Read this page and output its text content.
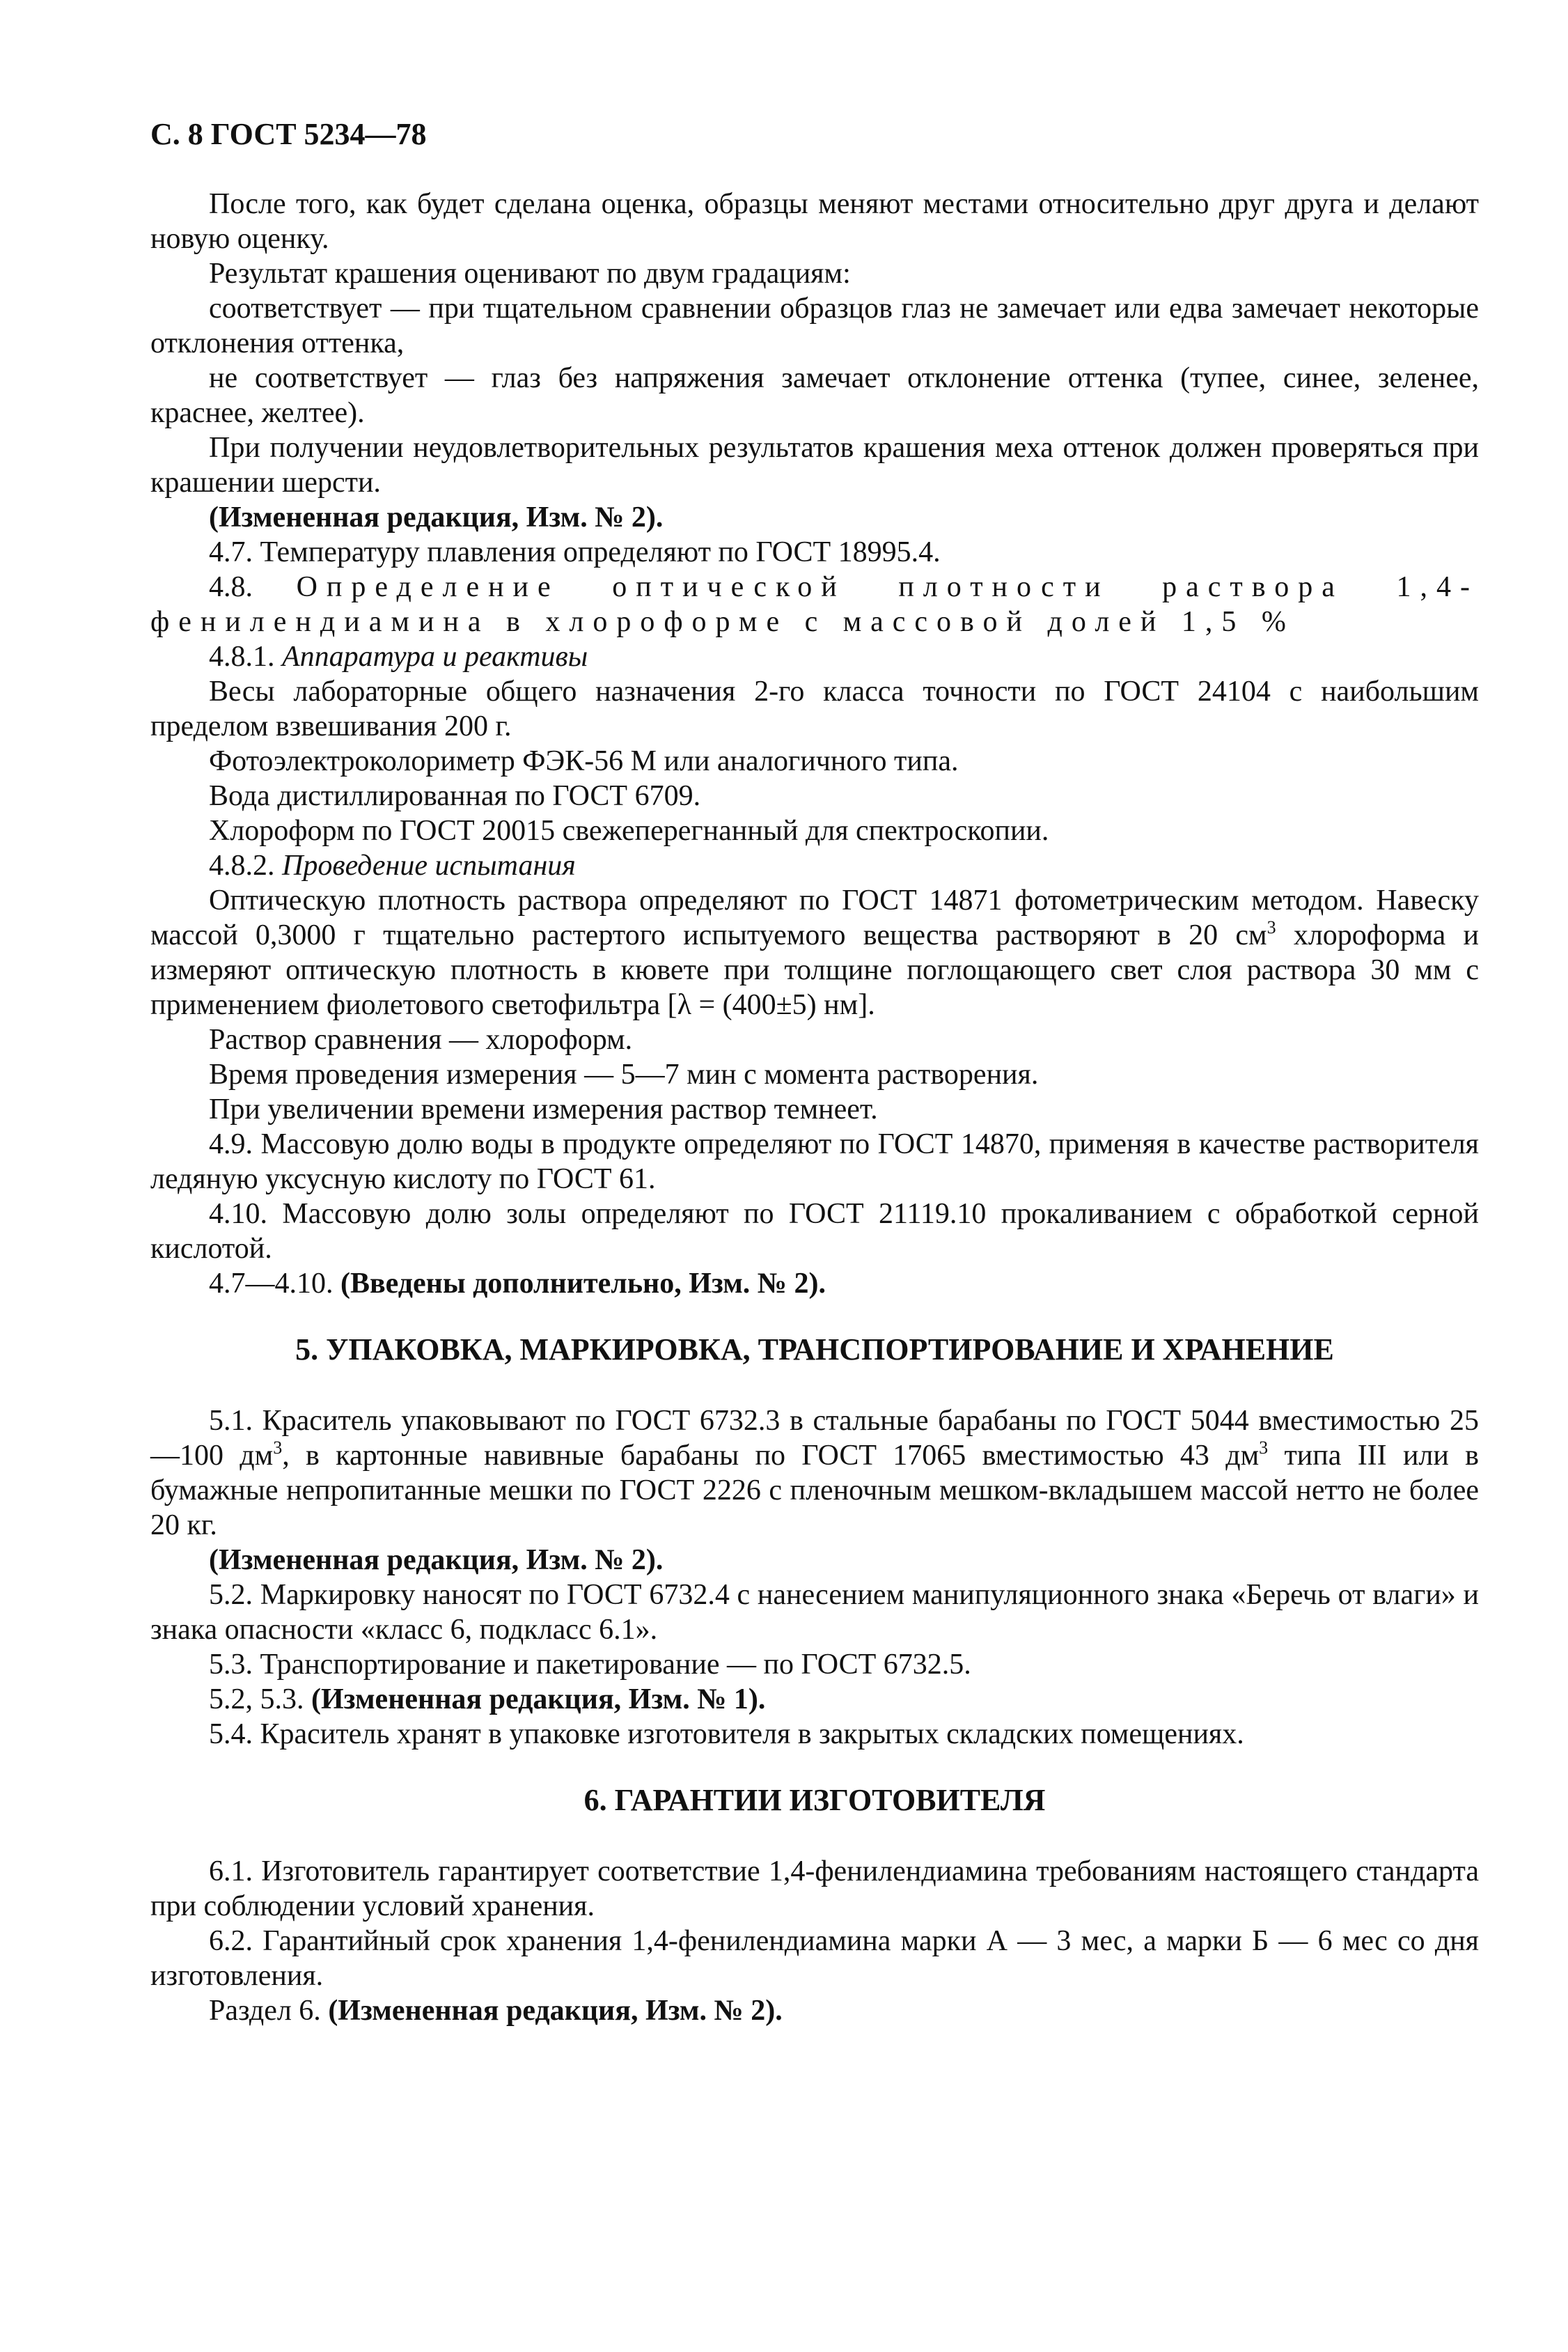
С. 8 ГОСТ 5234—78

После того, как будет сделана оценка, образцы меняют местами относительно друг друга и делают новую оценку.

Результат крашения оценивают по двум градациям:

соответствует — при тщательном сравнении образцов глаз не замечает или едва замечает некоторые отклонения оттенка,

не соответствует — глаз без напряжения замечает отклонение оттенка (тупее, синее, зеленее, краснее, желтее).

При получении неудовлетворительных результатов крашения меха оттенок должен проверяться при крашении шерсти.

(Измененная редакция, Изм. № 2).

4.7. Температуру плавления определяют по ГОСТ 18995.4.

4.8. Определение оптической плотности раствора 1,4-фенилендиамина в хлороформе с массовой долей 1,5 %

4.8.1. Аппаратура и реактивы

Весы лабораторные общего назначения 2-го класса точности по ГОСТ 24104 с наибольшим пределом взвешивания 200 г.

Фотоэлектроколориметр ФЭК-56 М или аналогичного типа.

Вода дистиллированная по ГОСТ 6709.

Хлороформ по ГОСТ 20015 свежеперегнанный для спектроскопии.

4.8.2. Проведение испытания

Оптическую плотность раствора определяют по ГОСТ 14871 фотометрическим методом. Навеску массой 0,3000 г тщательно растертого испытуемого вещества растворяют в 20 $см^3$ хлороформа и измеряют оптическую плотность в кювете при толщине поглощающего свет слоя раствора 30 мм с применением фиолетового светофильтра [λ = (400±5) нм].

Раствор сравнения — хлороформ.

Время проведения измерения — 5—7 мин с момента растворения.

При увеличении времени измерения раствор темнеет.

4.9. Массовую долю воды в продукте определяют по ГОСТ 14870, применяя в качестве растворителя ледяную уксусную кислоту по ГОСТ 61.

4.10. Массовую долю золы определяют по ГОСТ 21119.10 прокаливанием с обработкой серной кислотой.

4.7—4.10. (Введены дополнительно, Изм. № 2).

5. УПАКОВКА, МАРКИРОВКА, ТРАНСПОРТИРОВАНИЕ И ХРАНЕНИЕ

5.1. Краситель упаковывают по ГОСТ 6732.3 в стальные барабаны по ГОСТ 5044 вместимостью 25—100 $дм^3$, в картонные навивные барабаны по ГОСТ 17065 вместимостью 43 $дм^3$ типа III или в бумажные непропитанные мешки по ГОСТ 2226 с пленочным мешком-вкладышем массой нетто не более 20 кг.

(Измененная редакция, Изм. № 2).

5.2. Маркировку наносят по ГОСТ 6732.4 с нанесением манипуляционного знака «Беречь от влаги» и знака опасности «класс 6, подкласс 6.1».

5.3. Транспортирование и пакетирование — по ГОСТ 6732.5.

5.2, 5.3. (Измененная редакция, Изм. № 1).

5.4. Краситель хранят в упаковке изготовителя в закрытых складских помещениях.

6. ГАРАНТИИ ИЗГОТОВИТЕЛЯ

6.1. Изготовитель гарантирует соответствие 1,4-фенилендиамина требованиям настоящего стандарта при соблюдении условий хранения.

6.2. Гарантийный срок хранения 1,4-фенилендиамина марки А — 3 мес, а марки Б — 6 мес со дня изготовления.

Раздел 6. (Измененная редакция, Изм. № 2).
